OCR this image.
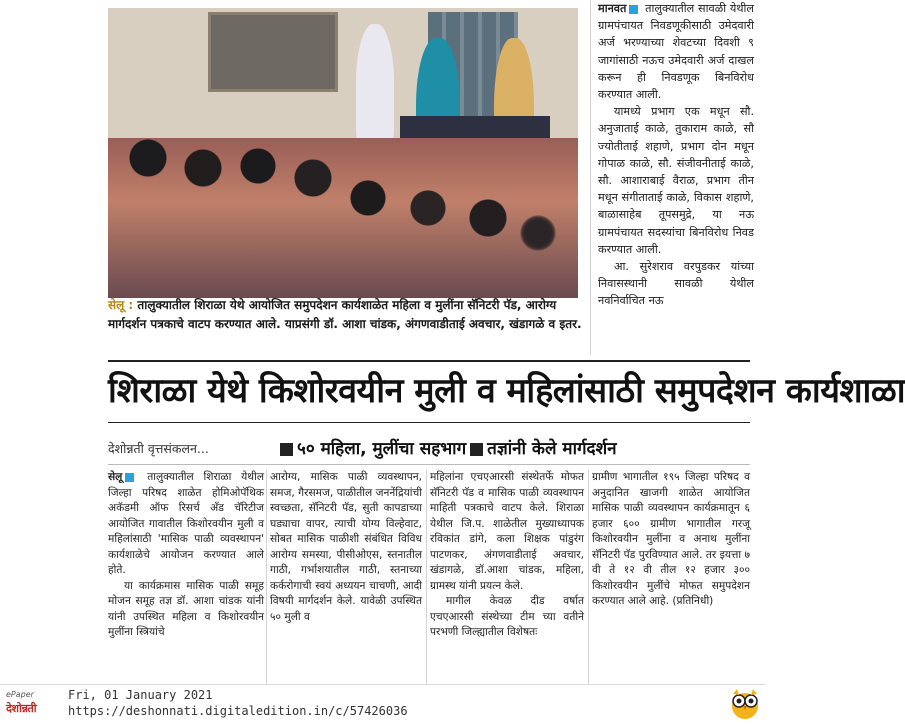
सेलू : तालुक्यातील शिराळा येथे आयोजित समुपदेशन कार्यशाळेत महिला व मुलींना सॅनिटरी पॅड, आरोग्य मार्गदर्शन पत्रकाचे वाटप करण्यात आले. याप्रसंगी डॉ. आशा चांडक, अंगणवाडीताई अवचार, खंडागळे व इतर.

मानवत तालुक्यातील सावळी येथील ग्रामपंचायत निवडणूकीसाठी उमेदवारी अर्ज भरण्याच्या शेवटच्या दिवशी ९ जागांसाठी नऊच उमेदवारी अर्ज दाखल करून ही निवडणूक बिनविरोध करण्यात आली.

यामध्ये प्रभाग एक मधून सौ. अनुजाताई काळे, तुकाराम काळे, सौ ज्योतीताई शहाणे, प्रभाग दोन मधून गोपाळ काळे, सौ. संजीवनीताई काळे, सौ. आशाराबाई वैराळ, प्रभाग तीन मधून संगीताताई काळे, विकास शहाणे, बाळासाहेब तूपसमुद्रे, या नऊ ग्रामपंचायत सदस्यांचा बिनविरोध निवड करण्यात आली.

आ. सुरेशराव वरपुडकर यांच्या निवासस्थानी सावळी येथील नवनिर्वाचित नऊ

शिराळा येथे किशोरवयीन मुली व महिलांसाठी समुपदेशन कार्यशाळा
देशोन्नती वृत्तसंकलन...	५० महिला, मुलींचा सहभाग तज्ञांनी केले मार्गदर्शन

सेलू तालुक्यातील शिराळा येथील जिल्हा परिषद शाळेत होमिओपॅथिक अकॅडमी ऑफ रिसर्च अँड चॅरिटीज आयोजित गावातील किशोरवयीन मुली व महिलांसाठी 'मासिक पाळी व्यवस्थापन' कार्यशाळेचे आयोजन करण्यात आले होते.

या कार्यक्रमास मासिक पाळी समूह मोजन समूह तज्ञ डॉ. आशा चांडक यांनी यांनी उपस्थित महिला व किशोरवयीन मुलींना स्त्रियांचे

आरोग्य, मासिक पाळी व्यवस्थापन, समज, गैरसमज, पाळीतील जननेंद्रियांची स्वच्छता, सॅनिटरी पॅड, सुती कापडाच्या घड्याचा वापर, त्याची योग्य विल्हेवाट, सोबत मासिक पाळीशी संबंधित विविध आरोग्य समस्या, पीसीओएस, स्तनातील गाठी, गर्भाशयातील गाठी, स्तनाच्या कर्करोगाची स्वयं अध्ययन चाचणी, आदी विषयी मार्गदर्शन केले. यावेळी उपस्थित ५० मुली व

महिलांना एचएआरसी संस्थेतर्फे मोफत सॅनिटरी पॅड व मासिक पाळी व्यवस्थापन माहिती पत्रकाचे वाटप केले. शिराळा येथील जि.प. शाळेतील मुख्याध्यापक रविकांत डांगे, कला शिक्षक पांडुरंग पाटणकर, अंगणवाडीताई अवचार, खंडागळे, डॉ.आशा चांडक, महिला, ग्रामस्थ यांनी प्रयत्न केले.

मागील केवळ दीड वर्षात एचएआरसी संस्थेच्या टीम च्या वतीने परभणी जिल्ह्यातील विशेषतः

ग्रामीण भागातील १९५ जिल्हा परिषद व अनुदानित खाजगी शाळेत आयोजित मासिक पाळी व्यवस्थापन कार्यक्रमातून ६ हजार ६०० ग्रामीण भागातील गरजू किशोरवयीन मुलींना व अनाथ मुलींना सॅनिटरी पॅड पुरविण्यात आले. तर इयत्ता ७ वी ते १२ वी तील १२ हजार ३०० किशोरवयीन मुलींचे मोफत समुपदेशन करण्यात आले आहे. (प्रतिनिधी)

ePaper
देशोन्नती
Fri, 01 January 2021
https://deshonnati.digitaledition.in/c/57426036
